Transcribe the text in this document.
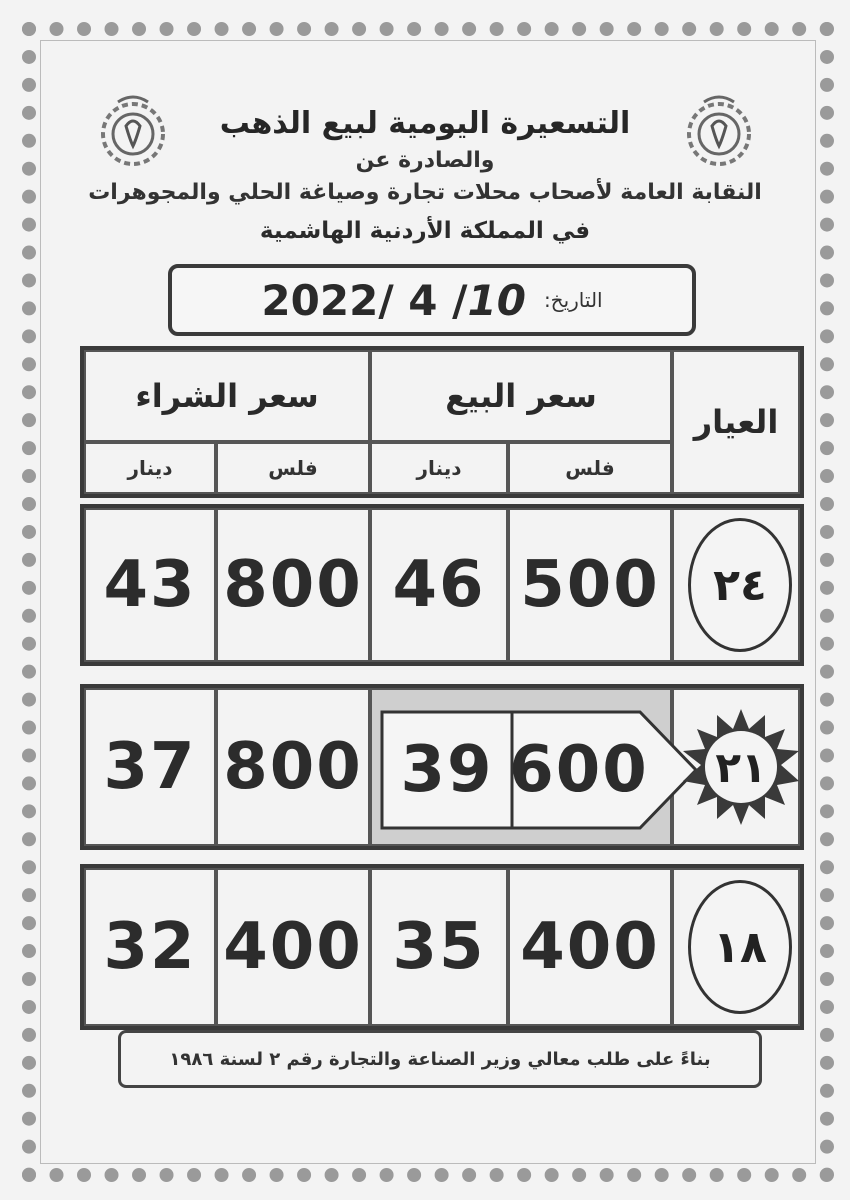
التسعيرة اليومية لبيع الذهب
والصادرة عن
النقابة العامة لأصحاب محلات تجارة وصياغة الحلي والمجوهرات
في المملكة الأردنية الهاشمية
2022/ 4 /10 التاريخ:
سعر الشراء	سعر البيع
العيار
دينار	فلس	دينار	فلس
43 800 46 500	٢٤
37 800 39 600	٢١
32 400 35 400	١٨
بناءً على طلب معالي وزير الصناعة والتجارة رقم ٢ لسنة ١٩٨٦
